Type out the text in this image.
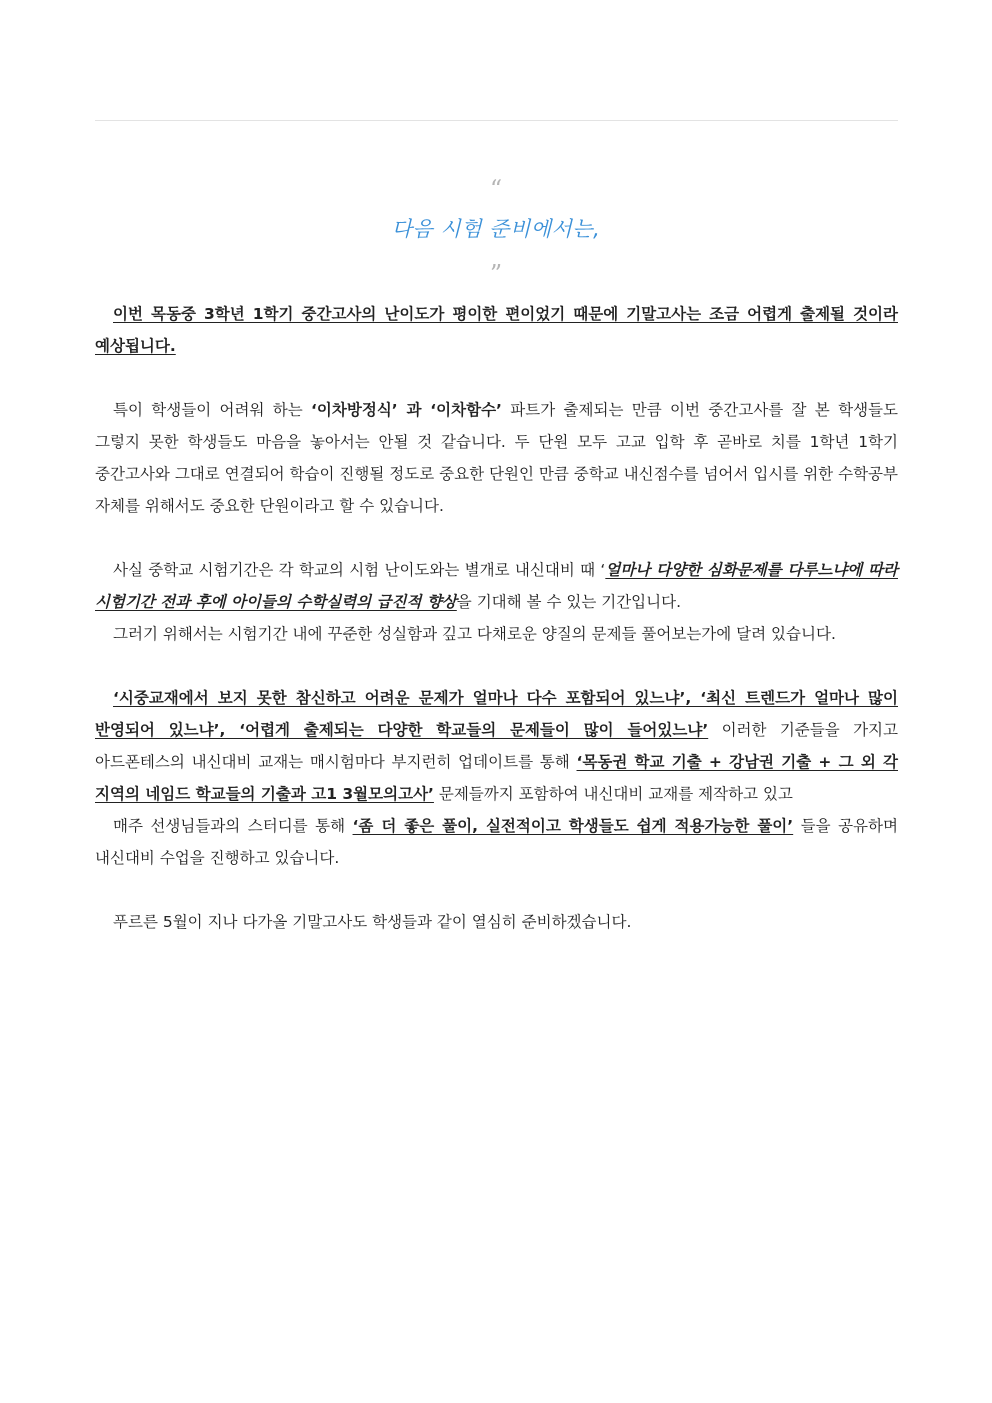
“
다음 시험 준비에서는,
”

이번 목동중 3학년 1학기 중간고사의 난이도가 평이한 편이었기 때문에 기말고사는 조금 어렵게 출제될 것이라 예상됩니다.

특이 학생들이 어려워 하는 ‘이차방정식’ 과 ‘이차함수’ 파트가 출제되는 만큼 이번 중간고사를 잘 본 학생들도 그렇지 못한 학생들도 마음을 놓아서는 안될 것 같습니다. 두 단원 모두 고교 입학 후 곧바로 치를 1학년 1학기 중간고사와 그대로 연결되어 학습이 진행될 정도로 중요한 단원인 만큼 중학교 내신점수를 넘어서 입시를 위한 수학공부 자체를 위해서도 중요한 단원이라고 할 수 있습니다.

사실 중학교 시험기간은 각 학교의 시험 난이도와는 별개로 내신대비 때 ‘얼마나 다양한 심화문제를 다루느냐에 따라 시험기간 전과 후에 아이들의 수학실력의 급진적 향상을 기대해 볼 수 있는 기간입니다.

그러기 위해서는 시험기간 내에 꾸준한 성실함과 깊고 다채로운 양질의 문제들 풀어보는가에 달려 있습니다.

‘시중교재에서 보지 못한 참신하고 어려운 문제가 얼마나 다수 포함되어 있느냐’, ‘최신 트렌드가 얼마나 많이 반영되어 있느냐’, ‘어렵게 출제되는 다양한 학교들의 문제들이 많이 들어있느냐’ 이러한 기준들을 가지고 아드폰테스의 내신대비 교재는 매시험마다 부지런히 업데이트를 통해 ‘목동권 학교 기출 + 강남권 기출 + 그 외 각 지역의 네임드 학교들의 기출과 고1 3월모의고사’ 문제들까지 포함하여 내신대비 교재를 제작하고 있고

매주 선생님들과의 스터디를 통해 ‘좀 더 좋은 풀이, 실전적이고 학생들도 쉽게 적용가능한 풀이’ 들을 공유하며 내신대비 수업을 진행하고 있습니다.

푸르른 5월이 지나 다가올 기말고사도 학생들과 같이 열심히 준비하겠습니다.
